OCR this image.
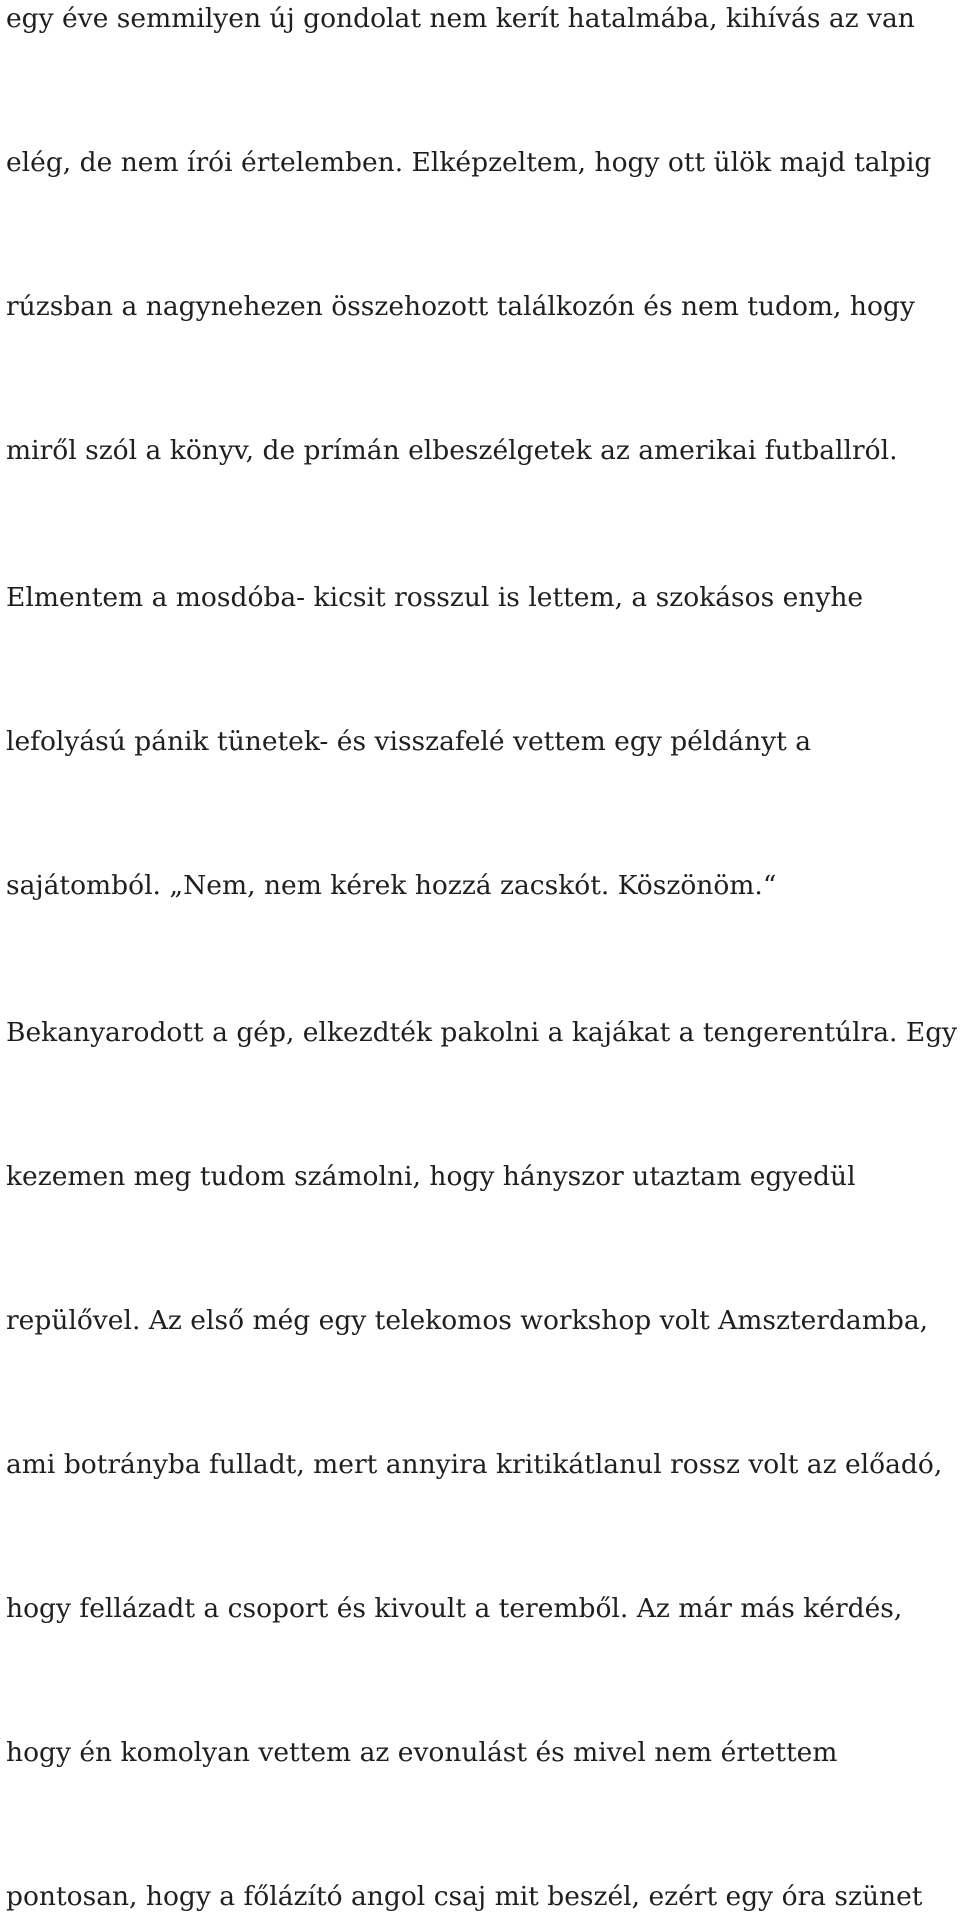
egy éve semmilyen új gondolat nem kerít hatalmába, kihívás az van
elég, de nem írói értelemben. Elképzeltem, hogy ott ülök majd talpig
rúzsban a nagynehezen összehozott találkozón és nem tudom, hogy
miről szól a könyv, de prímán elbeszélgetek az amerikai futballról.
Elmentem a mosdóba- kicsit rosszul is lettem, a szokásos enyhe
lefolyású pánik tünetek- és visszafelé vettem egy példányt a
sajátomból. „Nem, nem kérek hozzá zacskót. Köszönöm.“
Bekanyarodott a gép, elkezdték pakolni a kajákat a tengerentúlra. Egy
kezemen meg tudom számolni, hogy hányszor utaztam egyedül
repülővel. Az első még egy telekomos workshop volt Amszterdamba,
ami botrányba fulladt, mert annyira kritikátlanul rossz volt az előadó,
hogy fellázadt a csoport és kivoult a teremből. Az már más kérdés,
hogy én komolyan vettem az evonulást és mivel nem értettem
pontosan, hogy a főlázító angol csaj mit beszél, ezért egy óra szünet
